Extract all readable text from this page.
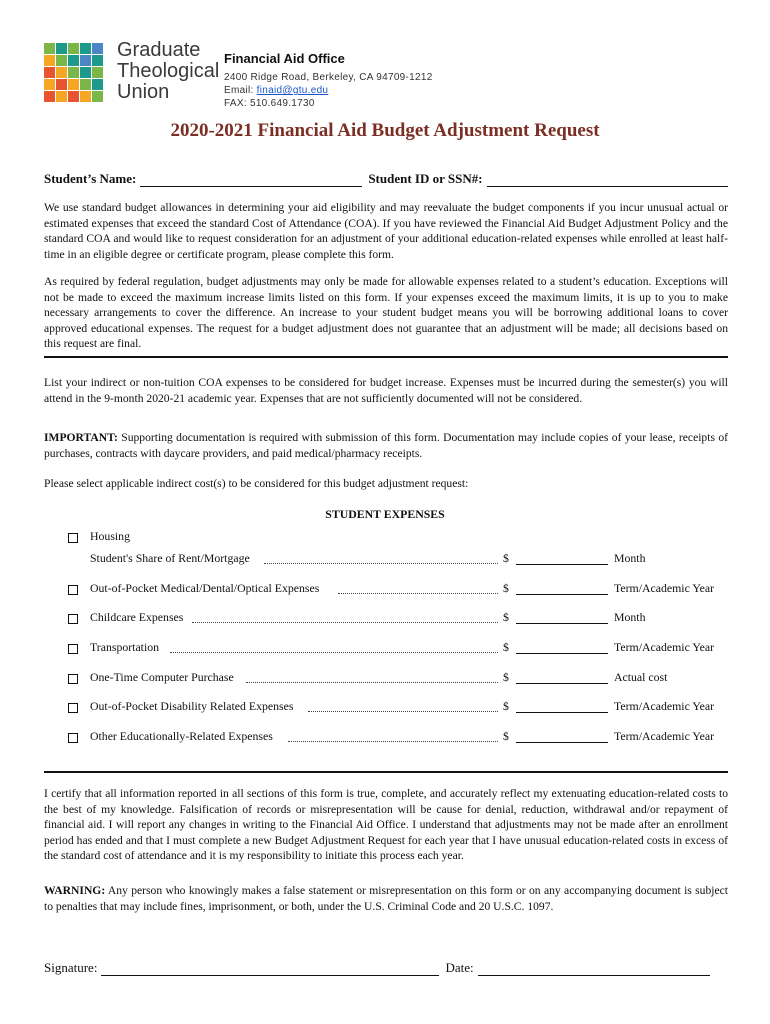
Graduate
Theological
Union
Financial Aid Office
2400 Ridge Road, Berkeley, CA 94709-1212
Email: finaid@gtu.edu
FAX: 510.649.1730
2020-2021 Financial Aid Budget Adjustment Request
Student’s Name:	Student ID or SSN#:
We use standard budget allowances in determining your aid eligibility and may reevaluate the budget components if you incur unusual actual or estimated expenses that exceed the standard Cost of Attendance (COA). If you have reviewed the Financial Aid Budget Adjustment Policy and the standard COA and would like to request consideration for an adjustment of your additional education-related expenses while enrolled at least half-time in an eligible degree or certificate program, please complete this form.
As required by federal regulation, budget adjustments may only be made for allowable expenses related to a student’s education. Exceptions will not be made to exceed the maximum increase limits listed on this form. If your expenses exceed the maximum limits, it is up to you to make necessary arrangements to cover the difference. An increase to your student budget means you will be borrowing additional loans to cover approved educational expenses. The request for a budget adjustment does not guarantee that an adjustment will be made; all decisions based on this request are final.
List your indirect or non-tuition COA expenses to be considered for budget increase. Expenses must be incurred during the semester(s) you will attend in the 9-month 2020-21 academic year. Expenses that are not sufficiently documented will not be considered.
IMPORTANT: Supporting documentation is required with submission of this form. Documentation may include copies of your lease, receipts of purchases, contracts with daycare providers, and paid medical/pharmacy receipts.
Please select applicable indirect cost(s) to be considered for this budget adjustment request:
STUDENT EXPENSES
Housing
Student's Share of Rent/Mortgage	$	Month
Out-of-Pocket Medical/Dental/Optical Expenses	$	Term/Academic Year
Childcare Expenses	$	Month
Transportation	$	Term/Academic Year
One-Time Computer Purchase	$	Actual cost
Out-of-Pocket Disability Related Expenses	$	Term/Academic Year
Other Educationally-Related Expenses	$	Term/Academic Year
I certify that all information reported in all sections of this form is true, complete, and accurately reflect my extenuating education-related costs to the best of my knowledge. Falsification of records or misrepresentation will be cause for denial, reduction, withdrawal and/or repayment of financial aid. I will report any changes in writing to the Financial Aid Office. I understand that adjustments may not be made after an enrollment period has ended and that I must complete a new Budget Adjustment Request for each year that I have unusual education-related costs in excess of the standard cost of attendance and it is my responsibility to initiate this process each year.
WARNING: Any person who knowingly makes a false statement or misrepresentation on this form or on any accompanying document is subject to penalties that may include fines, imprisonment, or both, under the U.S. Criminal Code and 20 U.S.C. 1097.
Signature:	Date:
